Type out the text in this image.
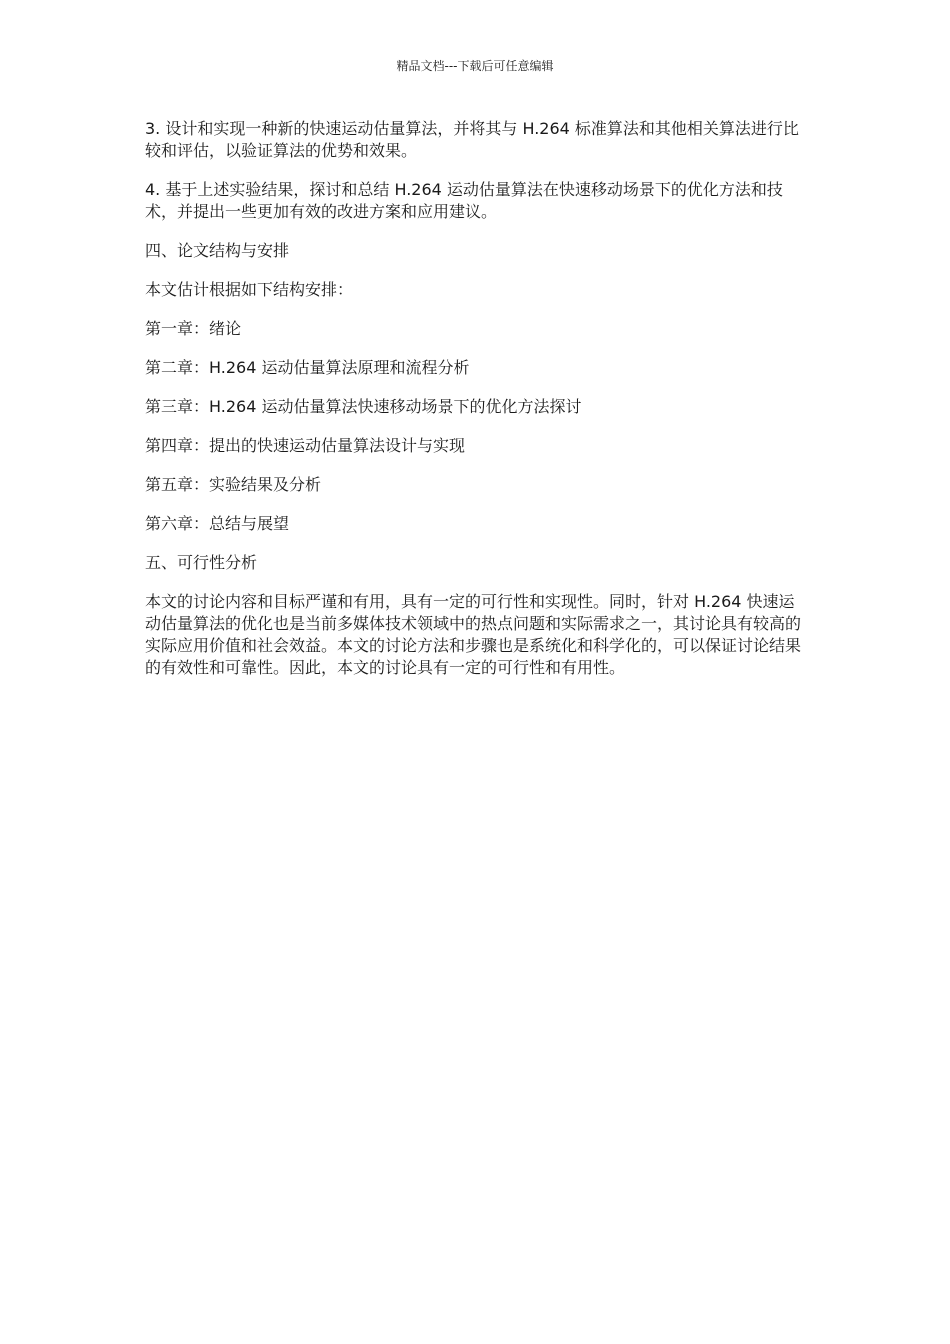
精品文档---下载后可任意编辑

3. 设计和实现一种新的快速运动估量算法，并将其与 H.264 标准算法和其他相关算法进行比较和评估，以验证算法的优势和效果。

4. 基于上述实验结果，探讨和总结 H.264 运动估量算法在快速移动场景下的优化方法和技术，并提出一些更加有效的改进方案和应用建议。

四、论文结构与安排

本文估计根据如下结构安排：

第一章：绪论

第二章：H.264 运动估量算法原理和流程分析

第三章：H.264 运动估量算法快速移动场景下的优化方法探讨

第四章：提出的快速运动估量算法设计与实现

第五章：实验结果及分析

第六章：总结与展望

五、可行性分析

本文的讨论内容和目标严谨和有用，具有一定的可行性和实现性。同时，针对 H.264 快速运动估量算法的优化也是当前多媒体技术领域中的热点问题和实际需求之一，其讨论具有较高的实际应用价值和社会效益。本文的讨论方法和步骤也是系统化和科学化的，可以保证讨论结果的有效性和可靠性。因此，本文的讨论具有一定的可行性和有用性。
